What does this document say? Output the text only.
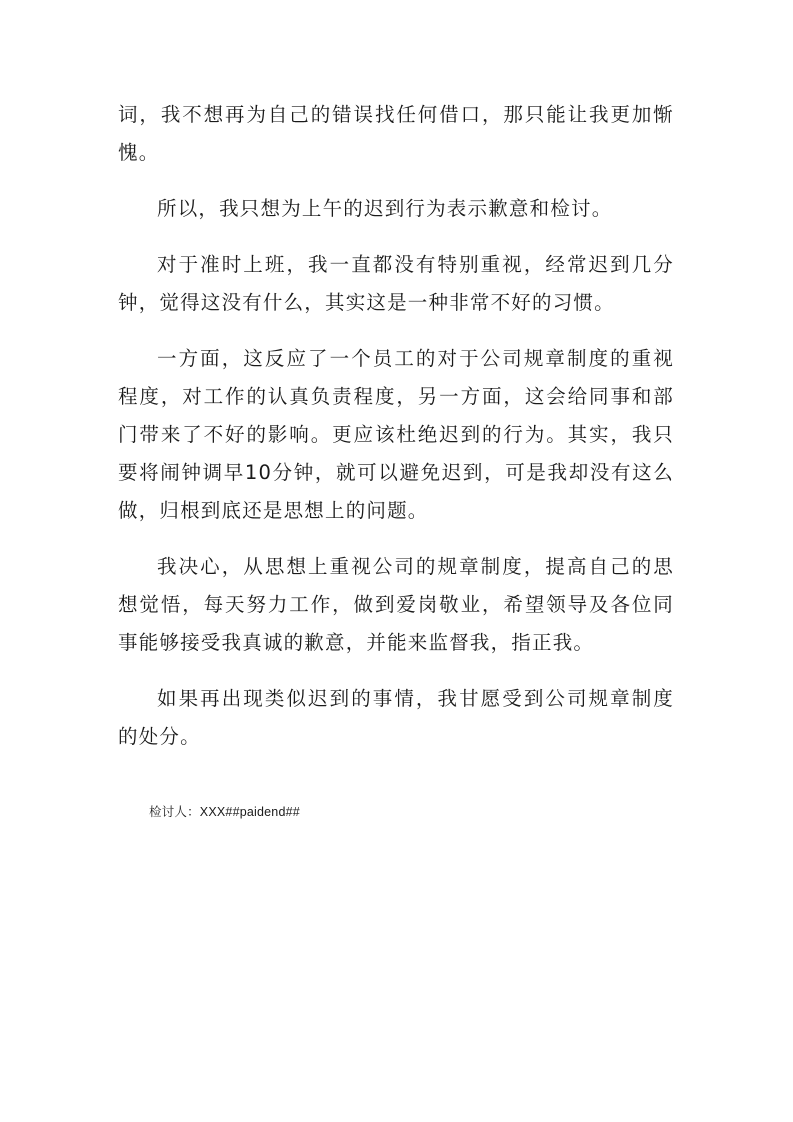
词，我不想再为自己的错误找任何借口，那只能让我更加惭愧。

所以，我只想为上午的迟到行为表示歉意和检讨。

对于准时上班，我一直都没有特别重视，经常迟到几分钟，觉得这没有什么，其实这是一种非常不好的习惯。

一方面，这反应了一个员工的对于公司规章制度的重视程度，对工作的认真负责程度，另一方面，这会给同事和部门带来了不好的影响。更应该杜绝迟到的行为。其实，我只要将闹钟调早10分钟，就可以避免迟到，可是我却没有这么做，归根到底还是思想上的问题。

我决心，从思想上重视公司的规章制度，提高自己的思想觉悟，每天努力工作，做到爱岗敬业，希望领导及各位同事能够接受我真诚的歉意，并能来监督我，指正我。

如果再出现类似迟到的事情，我甘愿受到公司规章制度的处分。

检讨人：XXX##paidend##
